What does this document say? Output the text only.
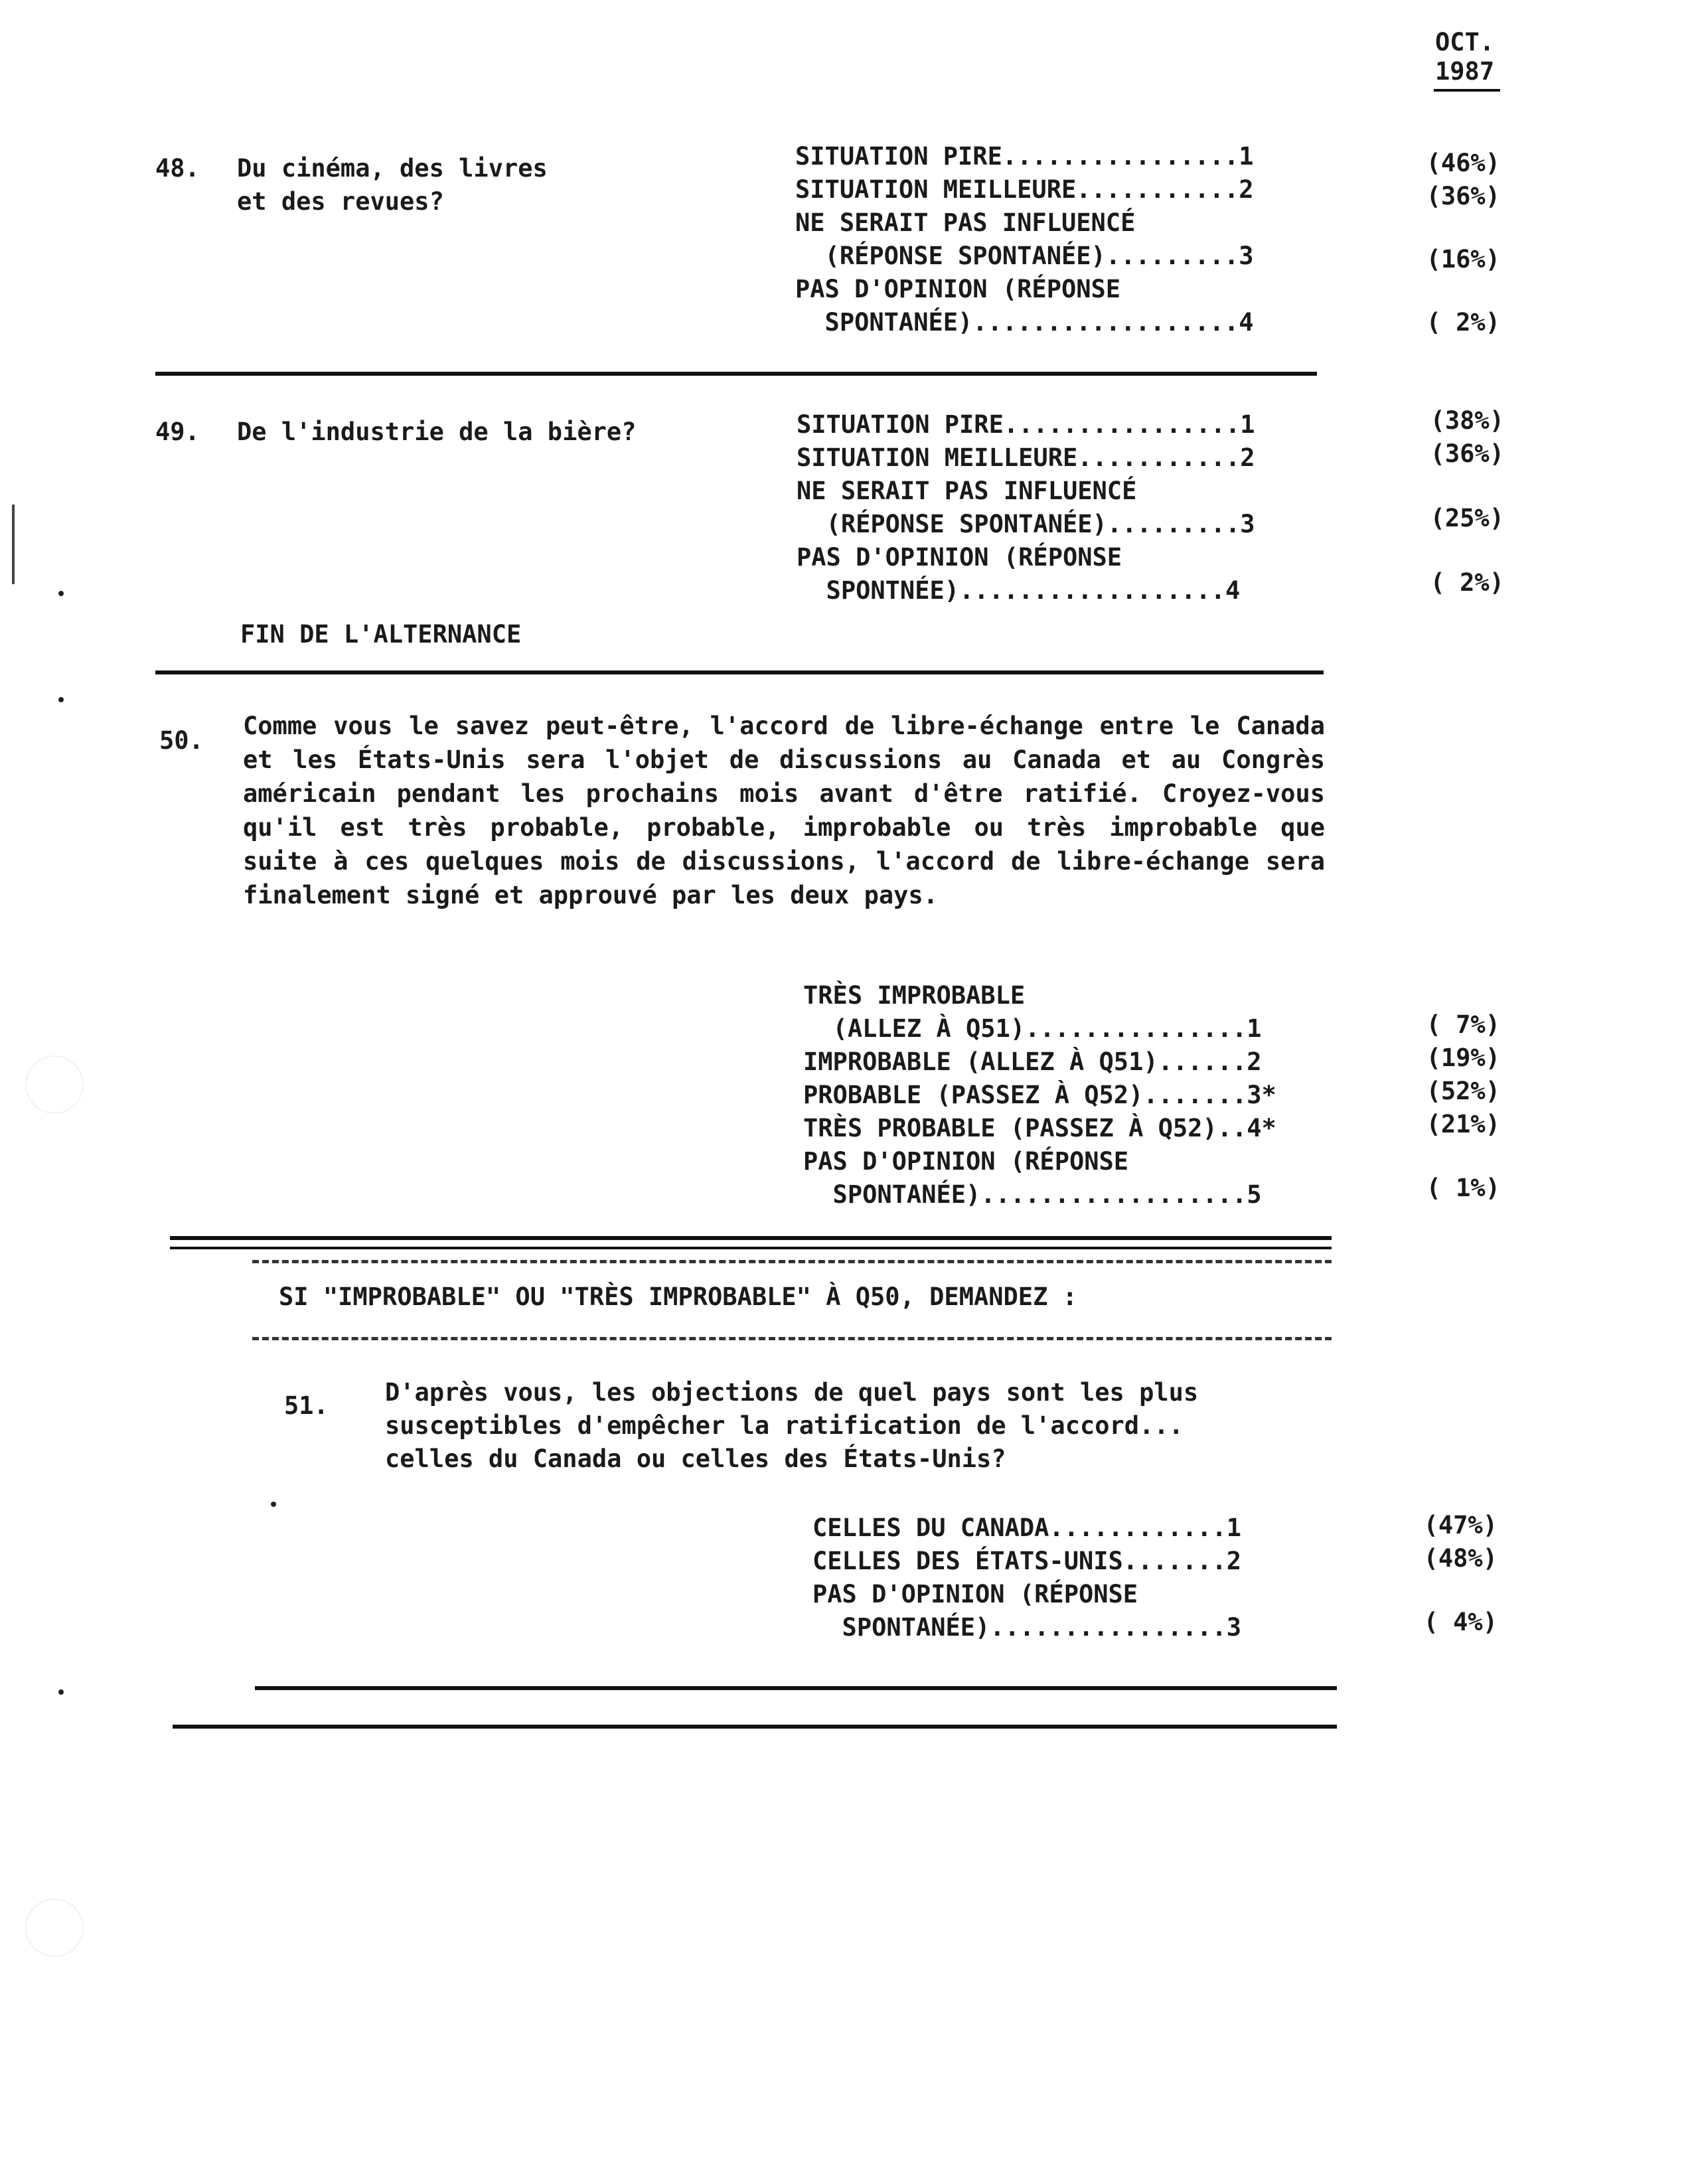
OCT.
1987
48. Du cinéma, des livres
et des revues?
SITUATION PIRE................1
SITUATION MEILLEURE...........2
NE SERAIT PAS INFLUENCÉ
(RÉPONSE SPONTANÉE).........3
PAS D'OPINION (RÉPONSE
SPONTANÉE)..................4
(46%)
(36%)
(16%)
( 2%)
49. De l'industrie de la bière?	SITUATION PIRE................1
SITUATION MEILLEURE...........2
NE SERAIT PAS INFLUENCÉ
(RÉPONSE SPONTANÉE).........3
PAS D'OPINION (RÉPONSE
SPONTNÉE)..................4
(38%)
(36%)
(25%)
( 2%)
FIN DE L'ALTERNANCE
50.
Comme vous le savez peut-être, l'accord de libre-échange entre le Canada et les États-Unis sera l'objet de discussions au Canada et au Congrès américain pendant les prochains mois avant d'être ratifié. Croyez-vous qu'il est très probable, probable, improbable ou très improbable que suite à ces quelques mois de discussions, l'accord de libre-échange sera finalement signé et approuvé par les deux pays.
TRÈS IMPROBABLE
(ALLEZ À Q51)...............1
IMPROBABLE (ALLEZ À Q51)......2
PROBABLE (PASSEZ À Q52).......3*
TRÈS PROBABLE (PASSEZ À Q52)..4*
PAS D'OPINION (RÉPONSE
SPONTANÉE)..................5
( 7%)
(19%)
(52%)
(21%)
( 1%)
SI "IMPROBABLE" OU "TRÈS IMPROBABLE" À Q50, DEMANDEZ :
51. D'après vous, les objections de quel pays sont les plus
susceptibles d'empêcher la ratification de l'accord...
celles du Canada ou celles des États-Unis?
CELLES DU CANADA............1
CELLES DES ÉTATS-UNIS.......2
PAS D'OPINION (RÉPONSE
SPONTANÉE)................3
(47%)
(48%)
( 4%)
